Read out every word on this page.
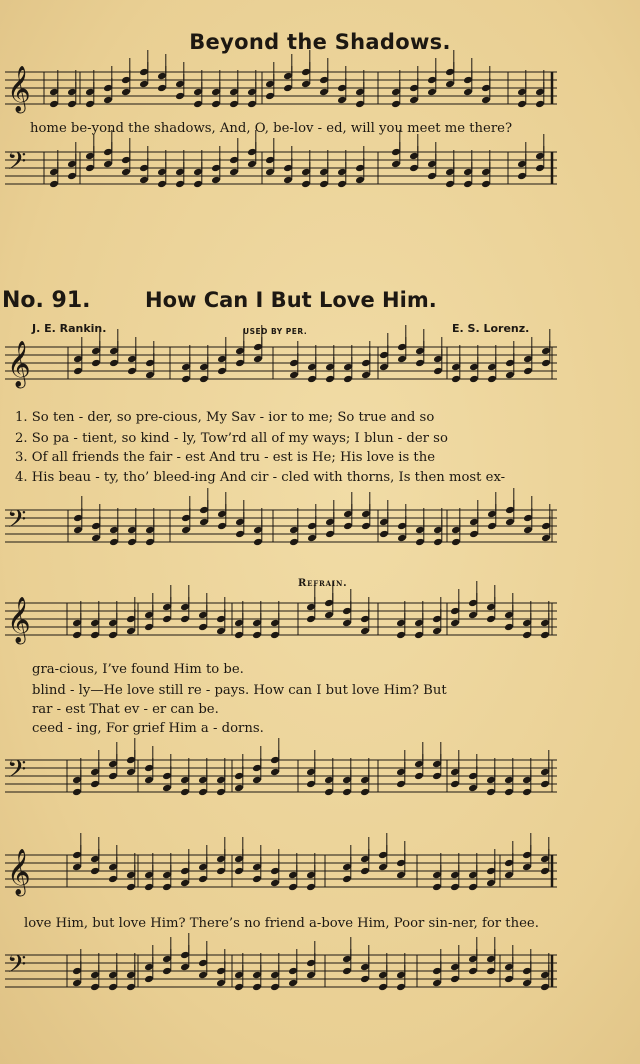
𝄞
𝄢
𝄞
𝄢
𝄞
𝄢
𝄞
𝄢
Beyond the Shadows.
home be-yond the shadows, And, O, be-lov - ed, will you meet me there?
No. 91.	How Can I But Love Him.
J. E. Rankin.	USED BY PER.	E. S. Lorenz.
1. So ten - der, so pre-cious, My Sav - ior to me; So true and so
2. So pa - tient, so kind - ly, Tow’rd all of my ways; I blun - der so
3. Of all friends the fair - est And tru - est is He; His love is the
4. His beau - ty, tho’ bleed-ing And cir - cled with thorns, Is then most ex-
Refrain.
gra-cious, I’ve found Him to be.
blind - ly—He love still re - pays. How can I but love Him? But
rar - est That ev - er can be.
ceed - ing, For grief Him a - dorns.
love Him, but love Him? There’s no friend a-bove Him, Poor sin-ner, for thee.
